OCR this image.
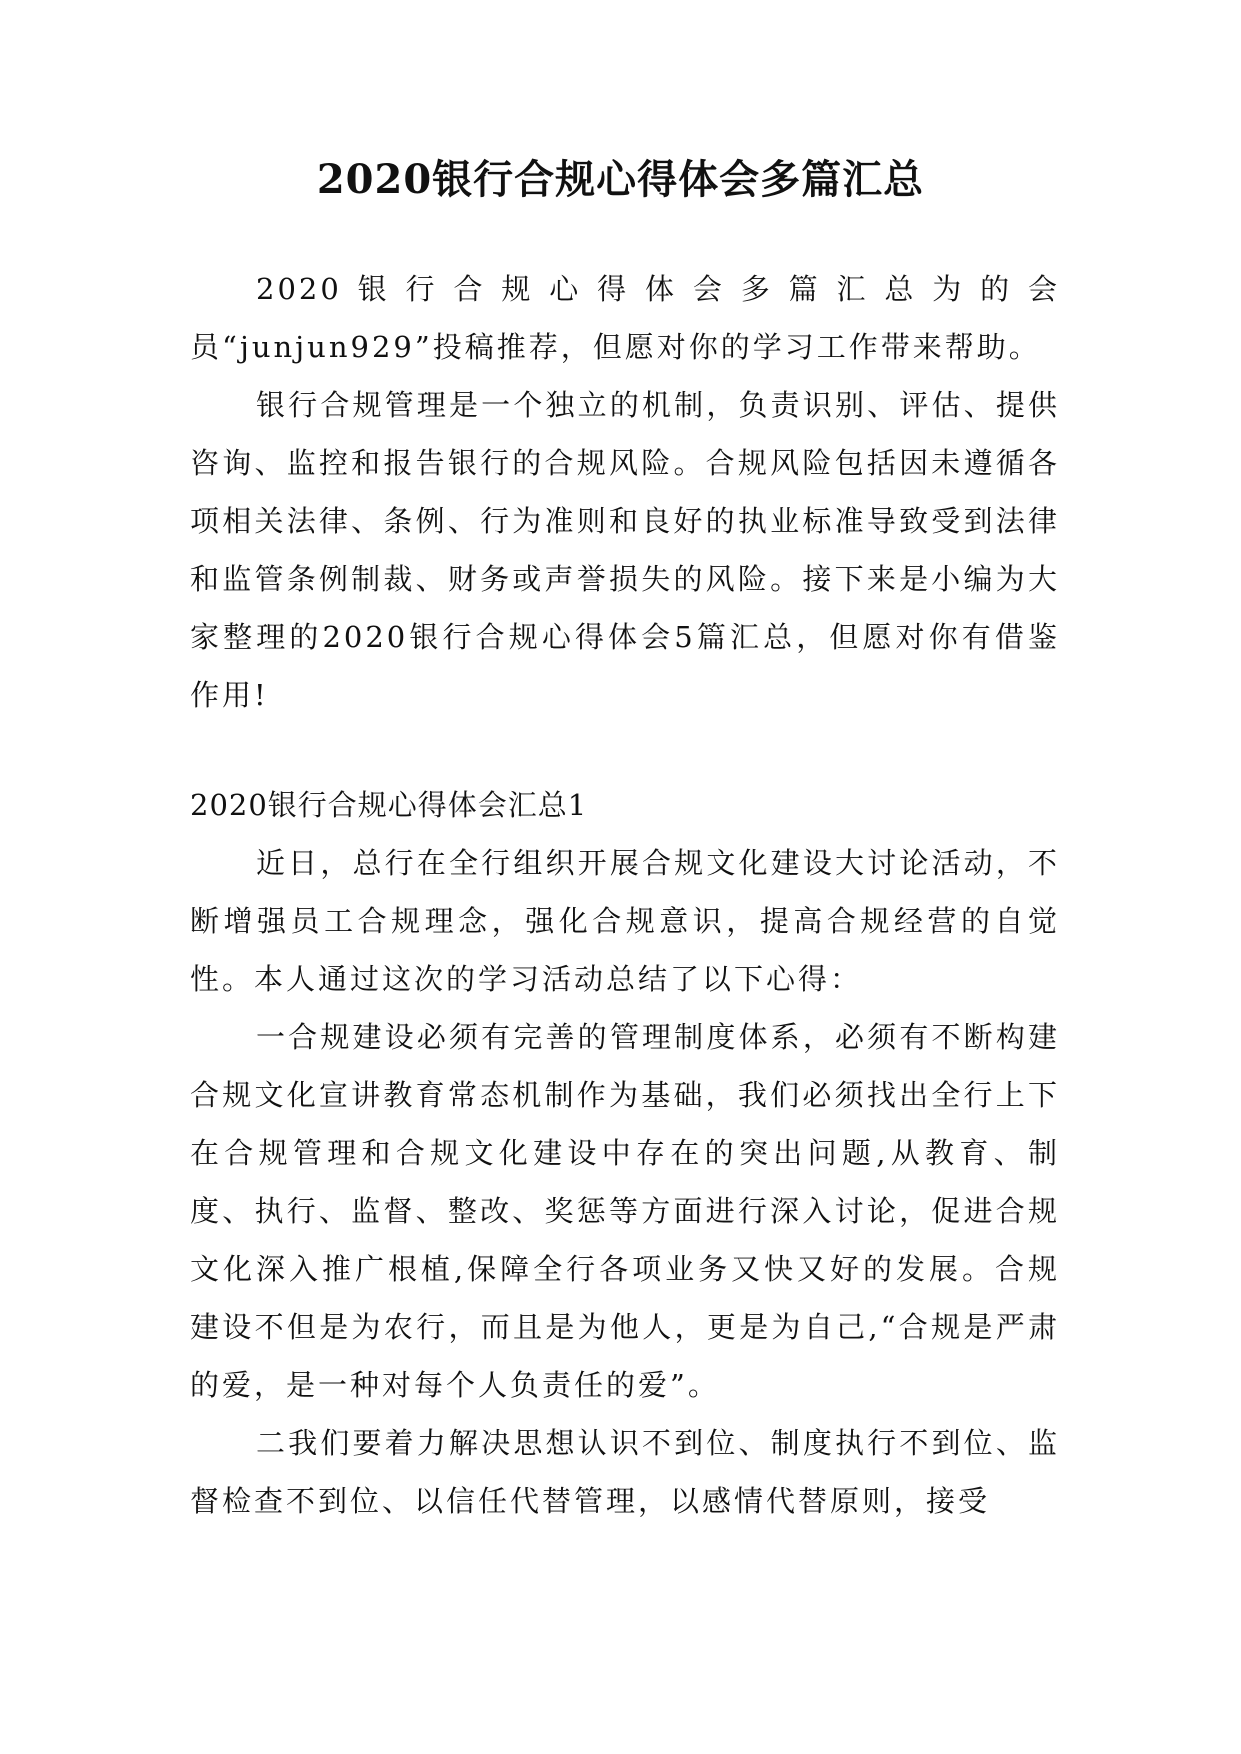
2020银行合规心得体会多篇汇总

2020银行合规心得体会多篇汇总为的会员“junjun929”投稿推荐，但愿对你的学习工作带来帮助。

银行合规管理是一个独立的机制，负责识别、评估、提供咨询、监控和报告银行的合规风险。合规风险包括因未遵循各项相关法律、条例、行为准则和良好的执业标准导致受到法律和监管条例制裁、财务或声誉损失的风险。接下来是小编为大家整理的2020银行合规心得体会5篇汇总，但愿对你有借鉴作用!

2020银行合规心得体会汇总1

近日，总行在全行组织开展合规文化建设大讨论活动，不断增强员工合规理念，强化合规意识，提高合规经营的自觉性。本人通过这次的学习活动总结了以下心得：

一合规建设必须有完善的管理制度体系，必须有不断构建合规文化宣讲教育常态机制作为基础，我们必须找出全行上下在合规管理和合规文化建设中存在的突出问题,从教育、制度、执行、监督、整改、奖惩等方面进行深入讨论，促进合规文化深入推广根植,保障全行各项业务又快又好的发展。合规建设不但是为农行，而且是为他人，更是为自己,“合规是严肃的爱，是一种对每个人负责任的爱”。

二我们要着力解决思想认识不到位、制度执行不到位、监督检查不到位、以信任代替管理，以感情代替原则，接受
